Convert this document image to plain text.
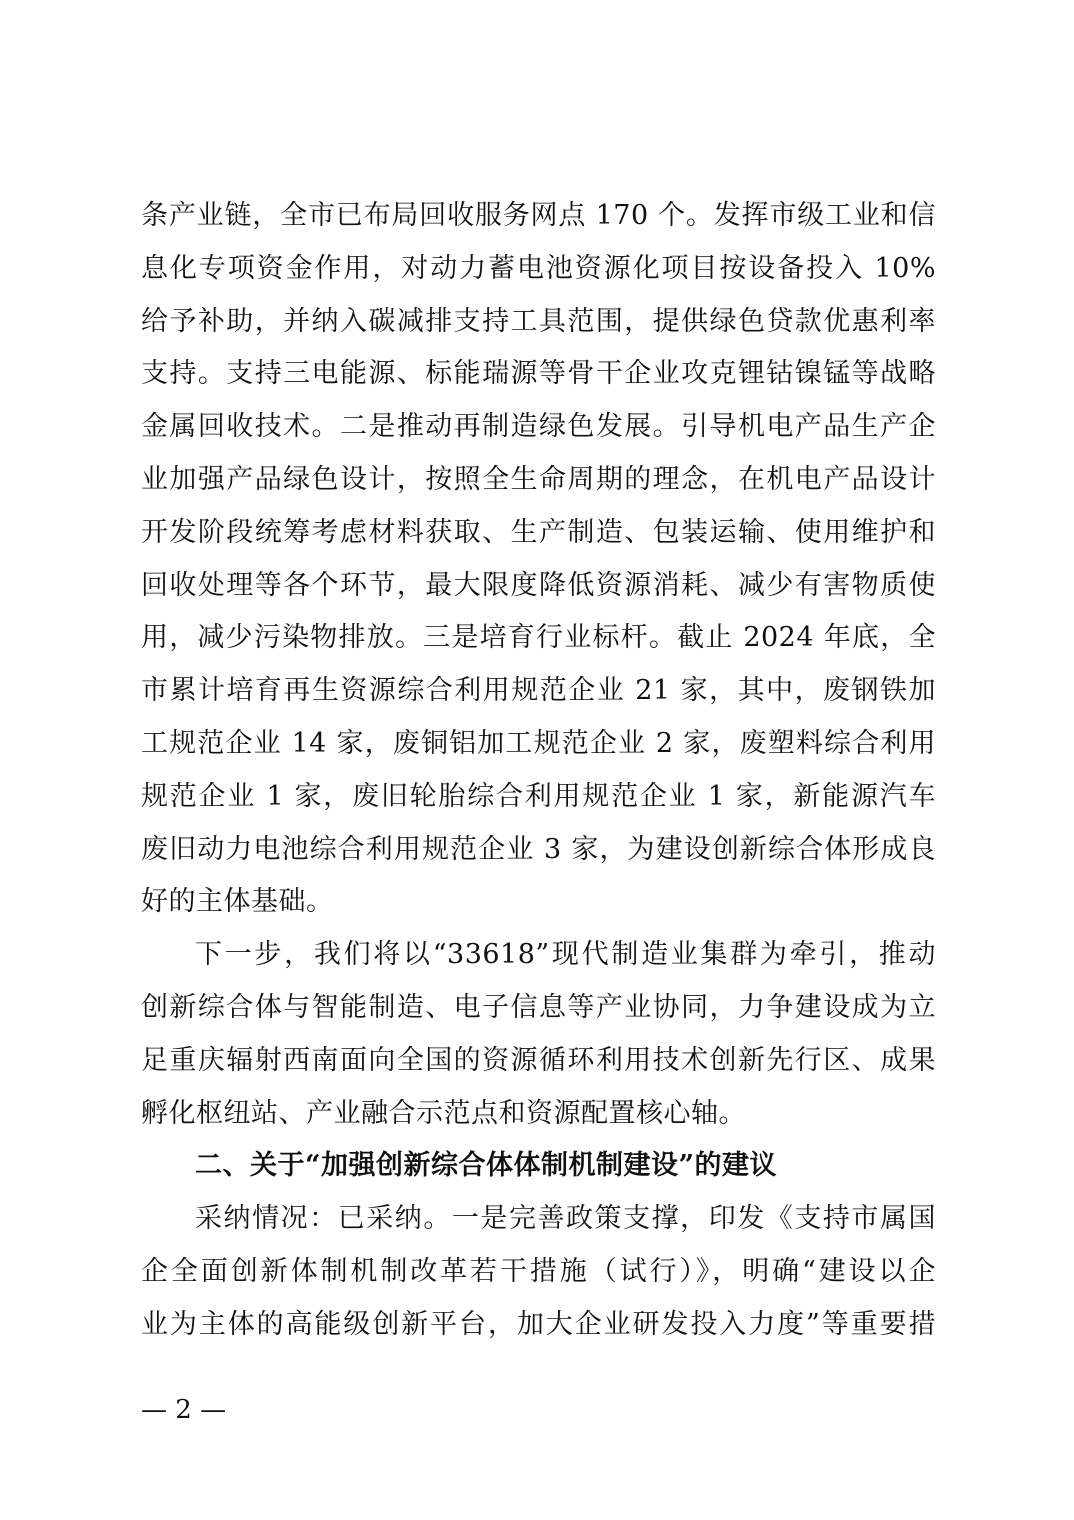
条产业链，全市已布局回收服务网点 170 个。发挥市级工业和信
息化专项资金作用，对动力蓄电池资源化项目按设备投入 10%
给予补助，并纳入碳减排支持工具范围，提供绿色贷款优惠利率
支持。支持三电能源、标能瑞源等骨干企业攻克锂钴镍锰等战略
金属回收技术。二是推动再制造绿色发展。引导机电产品生产企
业加强产品绿色设计，按照全生命周期的理念，在机电产品设计
开发阶段统筹考虑材料获取、生产制造、包装运输、使用维护和
回收处理等各个环节，最大限度降低资源消耗、减少有害物质使
用，减少污染物排放。三是培育行业标杆。截止 2024 年底，全
市累计培育再生资源综合利用规范企业 21 家，其中，废钢铁加
工规范企业 14 家，废铜铝加工规范企业 2 家，废塑料综合利用
规范企业 1 家，废旧轮胎综合利用规范企业 1 家，新能源汽车
废旧动力电池综合利用规范企业 3 家，为建设创新综合体形成良
好的主体基础。
下一步，我们将以“33618”现代制造业集群为牵引，推动
创新综合体与智能制造、电子信息等产业协同，力争建设成为立
足重庆辐射西南面向全国的资源循环利用技术创新先行区、成果
孵化枢纽站、产业融合示范点和资源配置核心轴。
二、关于“加强创新综合体体制机制建设”的建议
采纳情况：已采纳。一是完善政策支撑，印发《支持市属国
企全面创新体制机制改革若干措施（试行）》，明确“建设以企
业为主体的高能级创新平台，加大企业研发投入力度”等重要措
— 2 —
